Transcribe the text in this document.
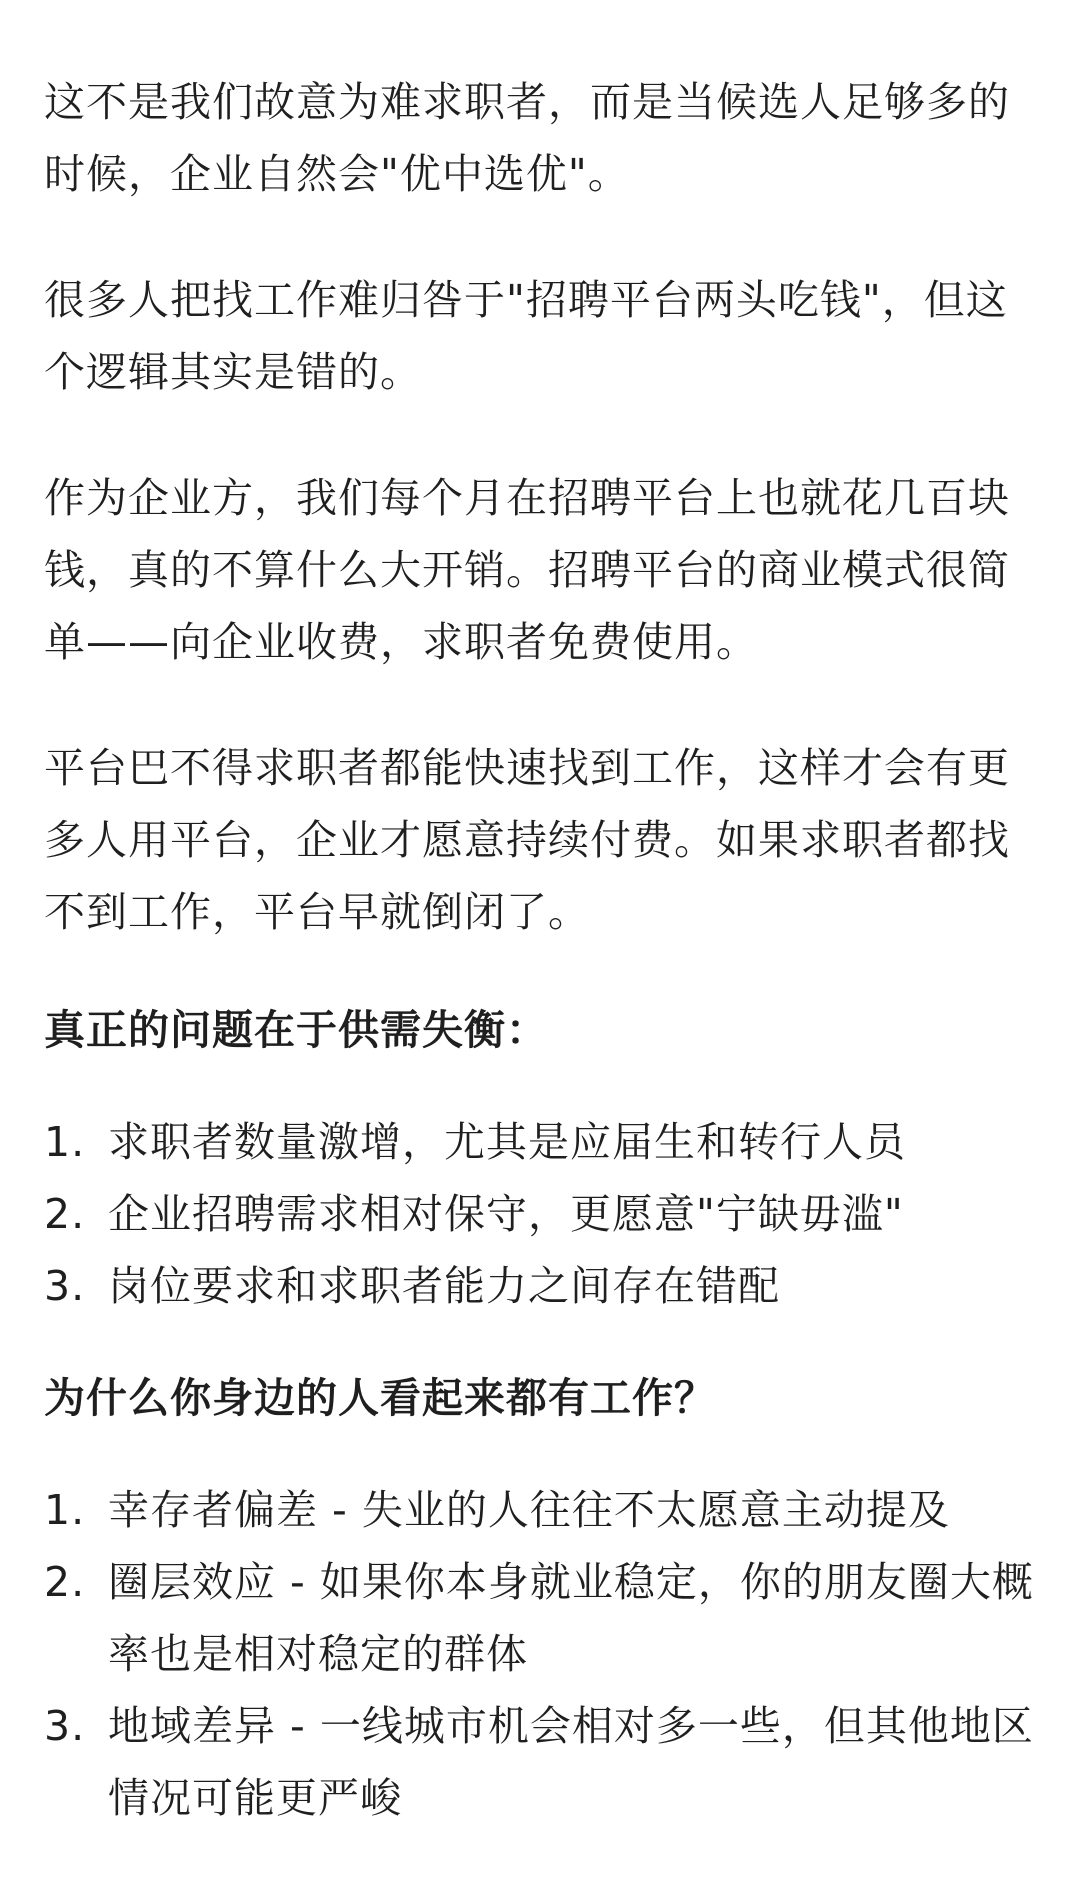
这不是我们故意为难求职者，而是当候选人足够多的时候，企业自然会"优中选优"。

很多人把找工作难归咎于"招聘平台两头吃钱"，但这个逻辑其实是错的。

作为企业方，我们每个月在招聘平台上也就花几百块钱，真的不算什么大开销。招聘平台的商业模式很简单——向企业收费，求职者免费使用。

平台巴不得求职者都能快速找到工作，这样才会有更多人用平台，企业才愿意持续付费。如果求职者都找不到工作，平台早就倒闭了。

真正的问题在于供需失衡：
1. 求职者数量激增，尤其是应届生和转行人员
2. 企业招聘需求相对保守，更愿意"宁缺毋滥"
3. 岗位要求和求职者能力之间存在错配
为什么你身边的人看起来都有工作？
1. 幸存者偏差 - 失业的人往往不太愿意主动提及
2. 圈层效应 - 如果你本身就业稳定，你的朋友圈大概率也是相对稳定的群体
3. 地域差异 - 一线城市机会相对多一些，但其他地区情况可能更严峻
